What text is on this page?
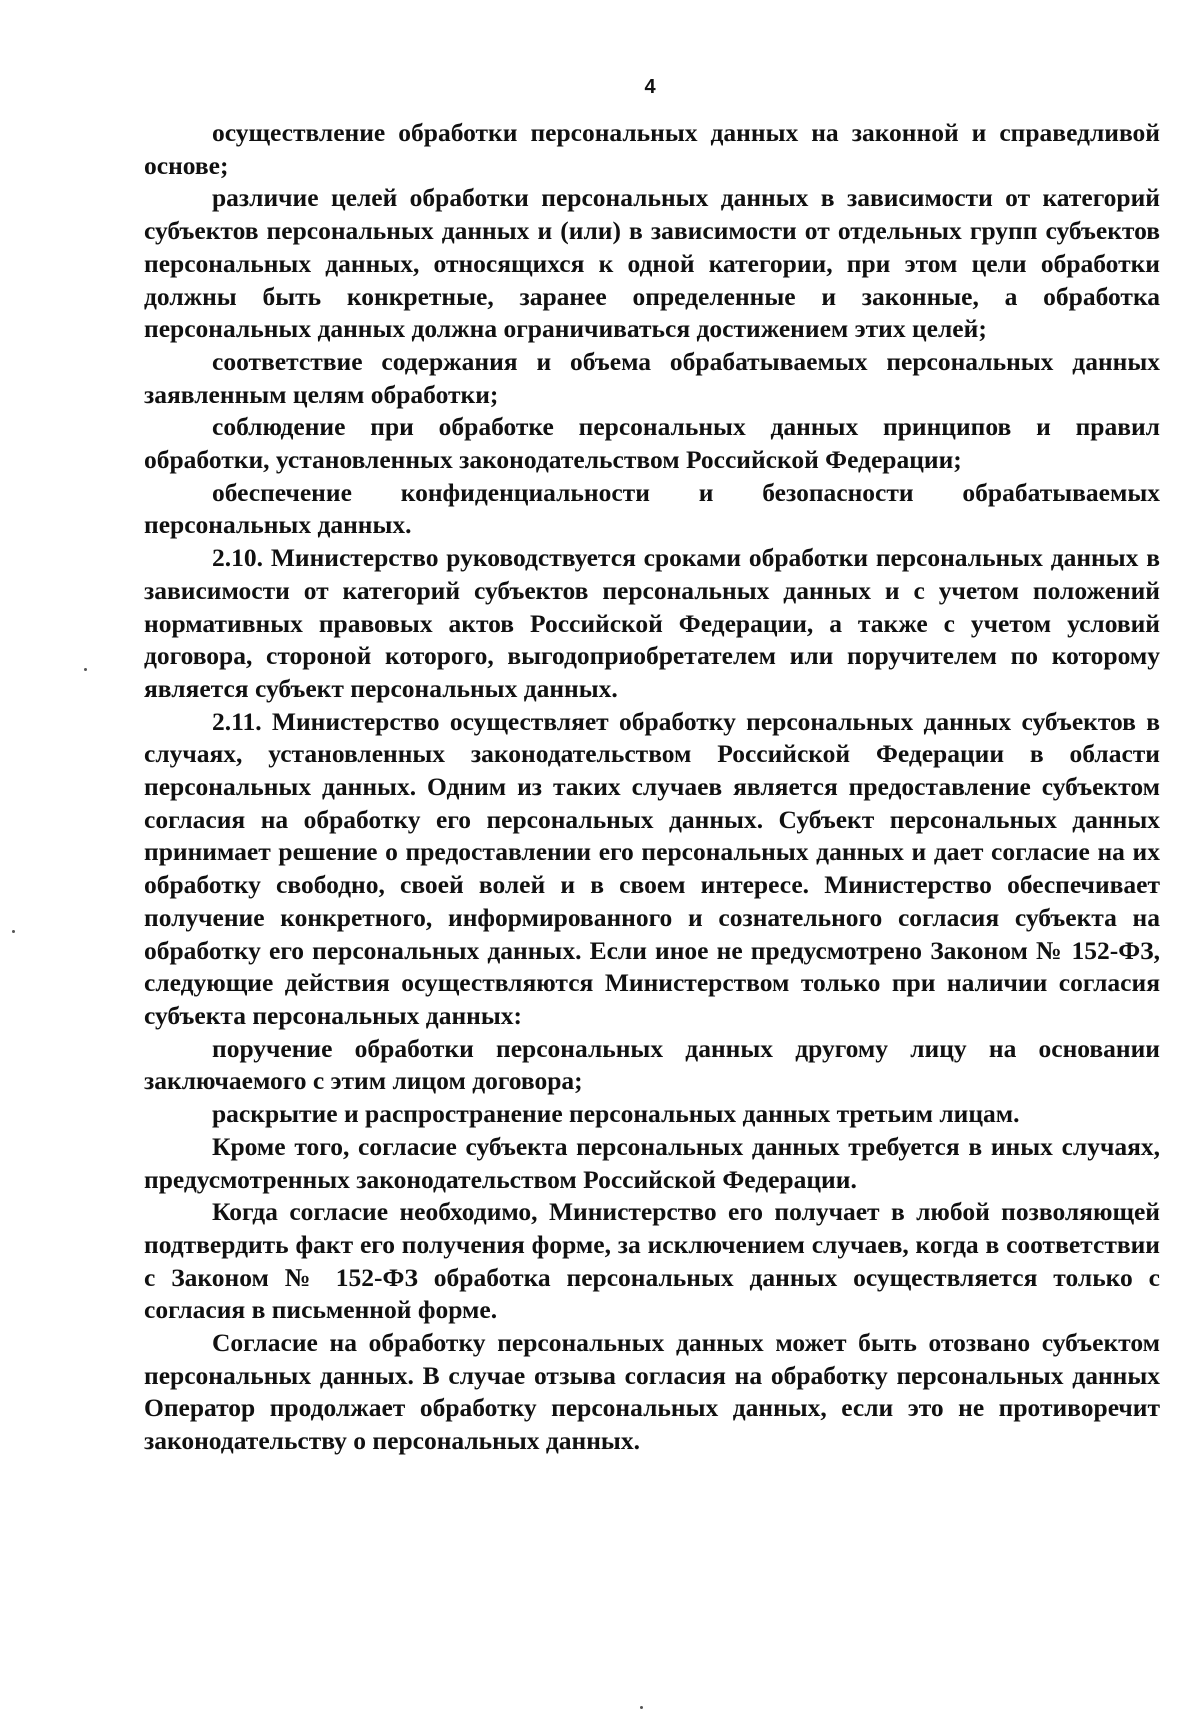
4

осуществление обработки персональных данных на законной и справедливой основе;

различие целей обработки персональных данных в зависимости от категорий субъектов персональных данных и (или) в зависимости от отдельных групп субъектов персональных данных, относящихся к одной категории, при этом цели обработки должны быть конкретные, заранее определенные и законные, а обработка персональных данных должна ограничиваться достижением этих целей;

соответствие содержания и объема обрабатываемых персональных данных заявленным целям обработки;

соблюдение при обработке персональных данных принципов и правил обработки, установленных законодательством Российской Федерации;

обеспечение конфиденциальности и безопасности обрабатываемых персональных данных.

2.10. Министерство руководствуется сроками обработки персональных данных в зависимости от категорий субъектов персональных данных и с учетом положений нормативных правовых актов Российской Федерации, а также с учетом условий договора, стороной которого, выгодоприобретателем или поручителем по которому является субъект персональных данных.

2.11. Министерство осуществляет обработку персональных данных субъектов в случаях, установленных законодательством Российской Федерации в области персональных данных. Одним из таких случаев является предоставление субъектом согласия на обработку его персональных данных. Субъект персональных данных принимает решение о предоставлении его персональных данных и дает согласие на их обработку свободно, своей волей и в своем интересе. Министерство обеспечивает получение конкретного, информированного и сознательного согласия субъекта на обработку его персональных данных. Если иное не предусмотрено Законом № 152-ФЗ, следующие действия осуществляются Министерством только при наличии согласия субъекта персональных данных:

поручение обработки персональных данных другому лицу на основании заключаемого с этим лицом договора;

раскрытие и распространение персональных данных третьим лицам.

Кроме того, согласие субъекта персональных данных требуется в иных случаях, предусмотренных законодательством Российской Федерации.

Когда согласие необходимо, Министерство его получает в любой позволяющей подтвердить факт его получения форме, за исключением случаев, когда в соответствии с Законом № 152-ФЗ обработка персональных данных осуществляется только с согласия в письменной форме.

Согласие на обработку персональных данных может быть отозвано субъектом персональных данных. В случае отзыва согласия на обработку персональных данных Оператор продолжает обработку персональных данных, если это не противоречит законодательству о персональных данных.
